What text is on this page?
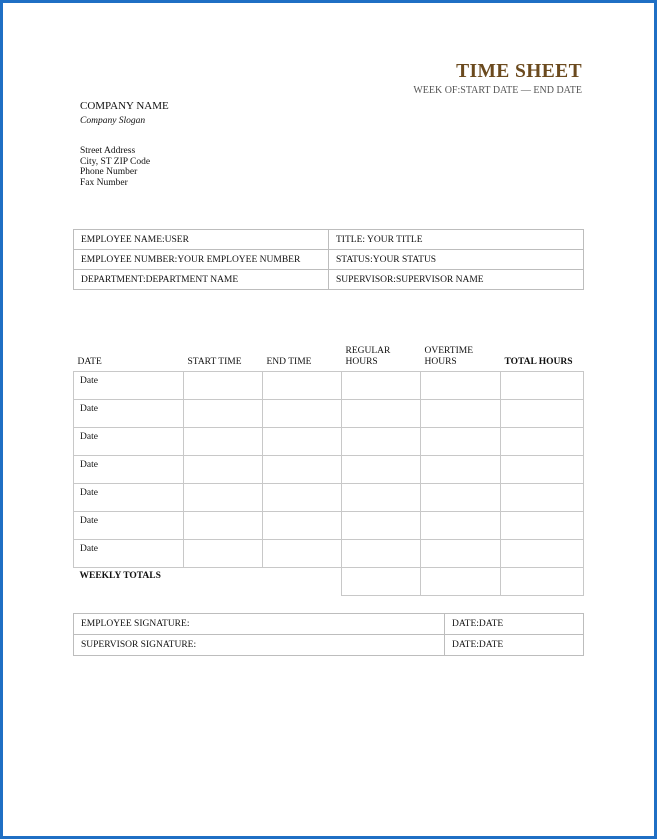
TIME SHEET
WEEK OF:START DATE — END DATE
COMPANY NAME
Company Slogan
Street Address
City, ST ZIP Code
Phone Number
Fax Number
EMPLOYEE NAME:USER	TITLE: YOUR TITLE
EMPLOYEE NUMBER:YOUR EMPLOYEE NUMBER	STATUS:YOUR STATUS
DEPARTMENT:DEPARTMENT NAME	SUPERVISOR:SUPERVISOR NAME
DATE	START TIME	END TIME	REGULAR HOURS	OVERTIME HOURS	TOTAL HOURS
Date					
Date					
Date					
Date					
Date					
Date					
Date					
WEEKLY TOTALS					
EMPLOYEE SIGNATURE:	DATE:DATE
SUPERVISOR SIGNATURE:	DATE:DATE
